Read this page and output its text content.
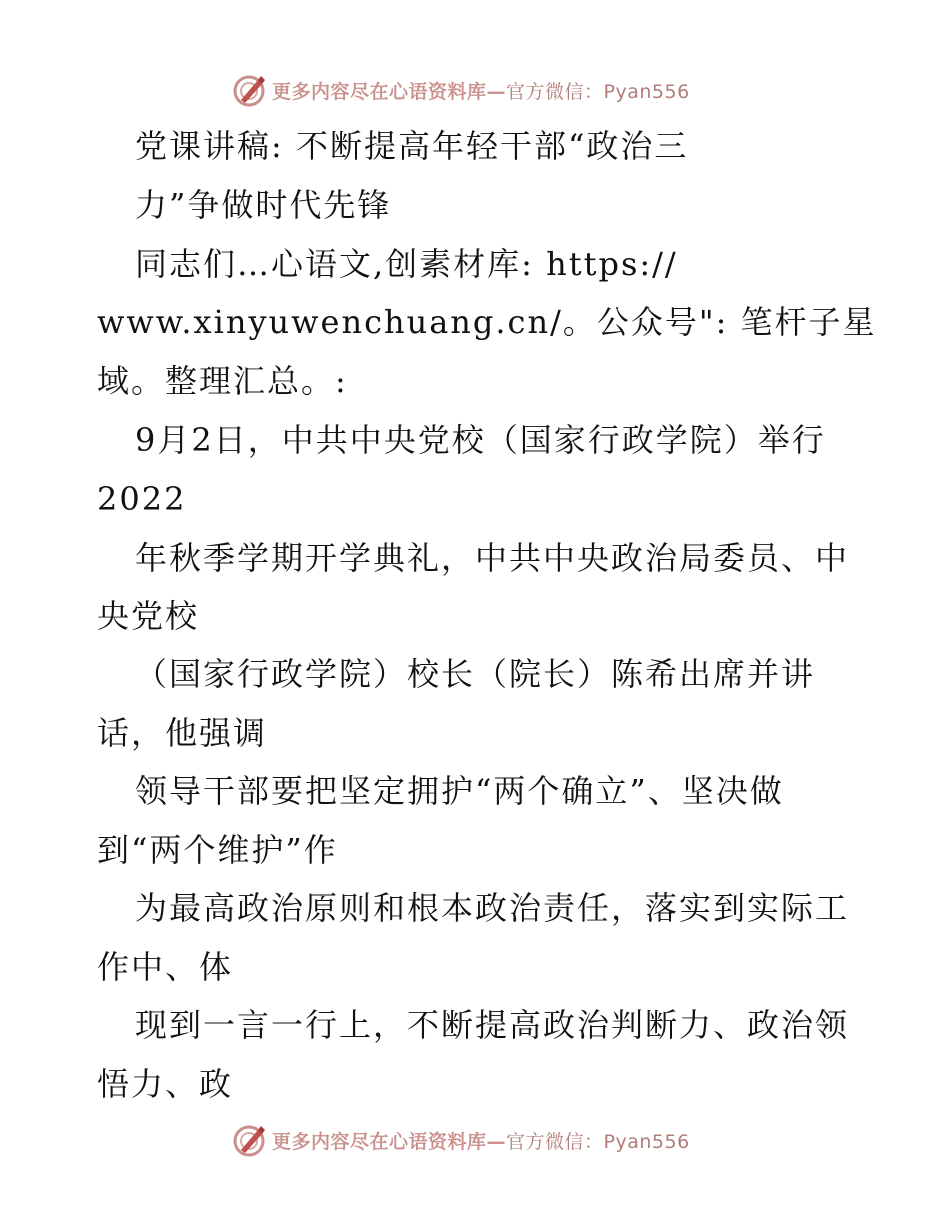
更多内容尽在心语资料库—官方微信：Pyan556
党课讲稿: 不断提高年轻干部“政治三
力”争做时代先锋
同志们…心语文,创素材库: https://
www.xinyuwenchuang.cn/。公众号": 笔杆子星
域。整理汇总。:
9月2日，中共中央党校（国家行政学院）举行
2022
年秋季学期开学典礼，中共中央政治局委员、中
央党校
（国家行政学院）校长（院长）陈希出席并讲
话，他强调
领导干部要把坚定拥护“两个确立”、坚决做
到“两个维护”作
为最高政治原则和根本政治责任，落实到实际工
作中、体
现到一言一行上，不断提高政治判断力、政治领
悟力、政
更多内容尽在心语资料库—官方微信：Pyan556
